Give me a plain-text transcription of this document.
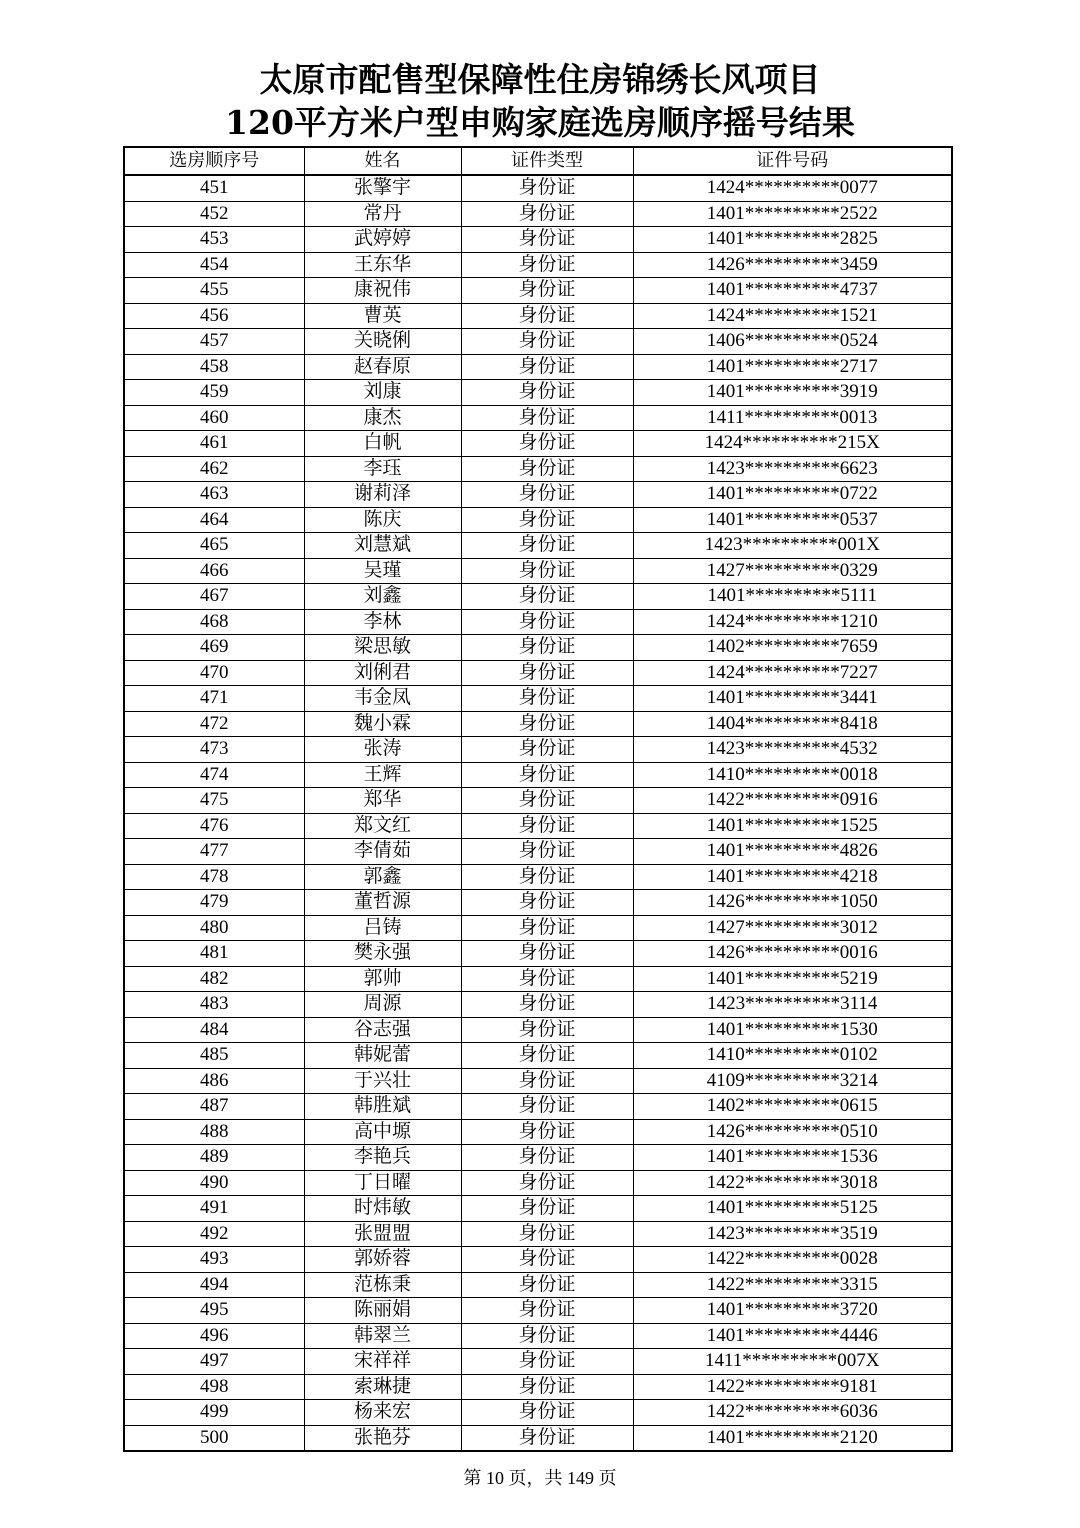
太原市配售型保障性住房锦绣长风项目
120平方米户型申购家庭选房顺序摇号结果
选房顺序号	姓名	证件类型	证件号码
451	张擎宇	身份证	1424**********0077
452	常丹	身份证	1401**********2522
453	武婷婷	身份证	1401**********2825
454	王东华	身份证	1426**********3459
455	康祝伟	身份证	1401**********4737
456	曹英	身份证	1424**********1521
457	关晓俐	身份证	1406**********0524
458	赵春原	身份证	1401**********2717
459	刘康	身份证	1401**********3919
460	康杰	身份证	1411**********0013
461	白帆	身份证	1424**********215X
462	李珏	身份证	1423**********6623
463	谢莉泽	身份证	1401**********0722
464	陈庆	身份证	1401**********0537
465	刘慧斌	身份证	1423**********001X
466	吴瑾	身份证	1427**********0329
467	刘鑫	身份证	1401**********5111
468	李林	身份证	1424**********1210
469	梁思敏	身份证	1402**********7659
470	刘俐君	身份证	1424**********7227
471	韦金凤	身份证	1401**********3441
472	魏小霖	身份证	1404**********8418
473	张涛	身份证	1423**********4532
474	王辉	身份证	1410**********0018
475	郑华	身份证	1422**********0916
476	郑文红	身份证	1401**********1525
477	李倩茹	身份证	1401**********4826
478	郭鑫	身份证	1401**********4218
479	董哲源	身份证	1426**********1050
480	吕铸	身份证	1427**********3012
481	樊永强	身份证	1426**********0016
482	郭帅	身份证	1401**********5219
483	周源	身份证	1423**********3114
484	谷志强	身份证	1401**********1530
485	韩妮蕾	身份证	1410**********0102
486	于兴壮	身份证	4109**********3214
487	韩胜斌	身份证	1402**********0615
488	高中塬	身份证	1426**********0510
489	李艳兵	身份证	1401**********1536
490	丁日曜	身份证	1422**********3018
491	时炜敏	身份证	1401**********5125
492	张盟盟	身份证	1423**********3519
493	郭娇蓉	身份证	1422**********0028
494	范栋秉	身份证	1422**********3315
495	陈丽娟	身份证	1401**********3720
496	韩翠兰	身份证	1401**********4446
497	宋祥祥	身份证	1411**********007X
498	索琳捷	身份证	1422**********9181
499	杨来宏	身份证	1422**********6036
500	张艳芬	身份证	1401**********2120
第 10 页，共 149 页
